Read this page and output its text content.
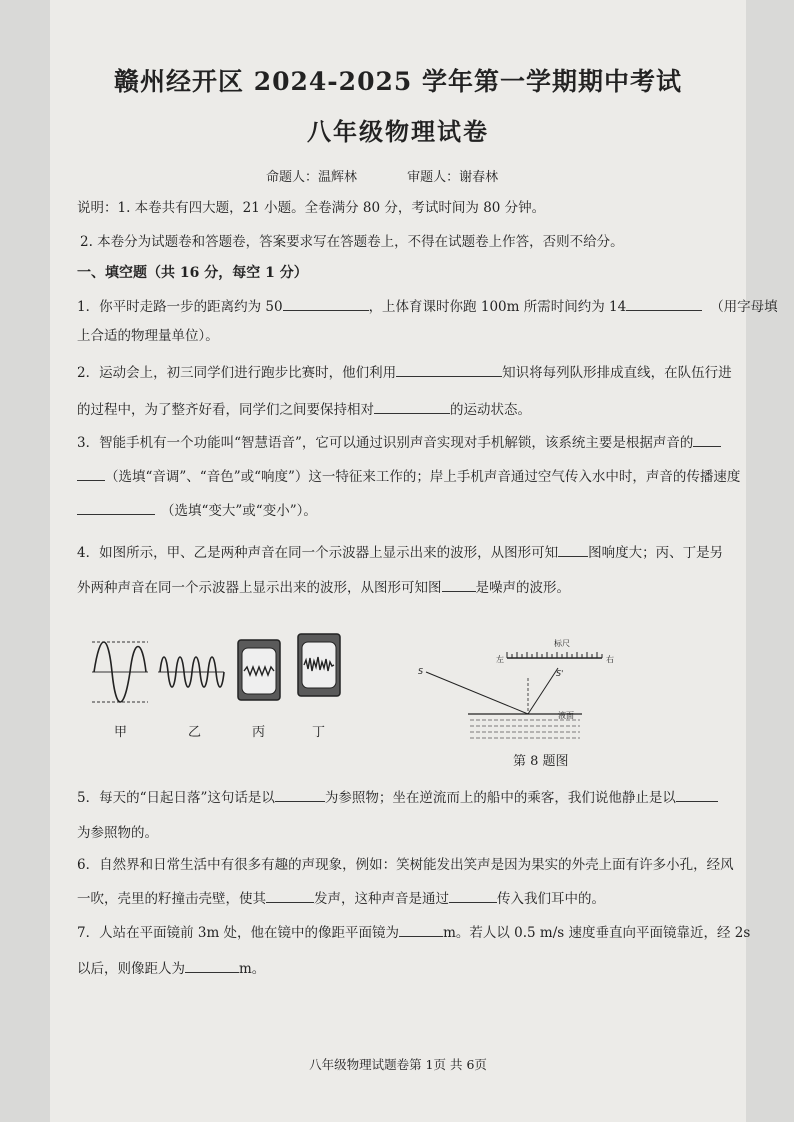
赣州经开区 2024-2025 学年第一学期期中考试
八年级物理试卷
命题人：温辉林	审题人：谢春林
说明：1. 本卷共有四大题，21 小题。全卷满分 80 分，考试时间为 80 分钟。
2. 本卷分为试题卷和答题卷，答案要求写在答题卷上，不得在试题卷上作答，否则不给分。
一、填空题（共 16 分，每空 1 分）
1．你平时走路一步的距离约为 50	，上体育课时你跑 100m 所需时间约为 14	（用字母填
上合适的物理量单位）。
2．运动会上，初三同学们进行跑步比赛时，他们利用	知识将每列队形排成直线，在队伍行进
的过程中，为了整齐好看，同学们之间要保持相对	的运动状态。
3．智能手机有一个功能叫“智慧语音”，它可以通过识别声音实现对手机解锁，该系统主要是根据声音的
（选填“音调”、“音色”或“响度”）这一特征来工作的；岸上手机声音通过空气传入水中时，声音的传播速度
（选填“变大”或“变小”）。
4．如图所示，甲、乙是两种声音在同一个示波器上显示出来的波形，从图形可知 图响度大；丙、丁是另
外两种声音在同一个示波器上显示出来的波形，从图形可知图	是噪声的波形。
甲	乙	丙	丁
标尺
左	右
S	S'
液面
第 8 题图
5．每天的“日起日落”这句话是以	为参照物；坐在逆流而上的船中的乘客，我们说他静止是以
为参照物的。
6．自然界和日常生活中有很多有趣的声现象，例如：笑树能发出笑声是因为果实的外壳上面有许多小孔，经风
一吹，壳里的籽撞击壳壁，使其	发声，这种声音是通过	传入我们耳中的。
7．人站在平面镜前 3m 处，他在镜中的像距平面镜为	m。若人以 0.5 m/s 速度垂直向平面镜靠近，经 2s
以后，则像距人为	m。
八年级物理试题卷第 1页 共 6页
